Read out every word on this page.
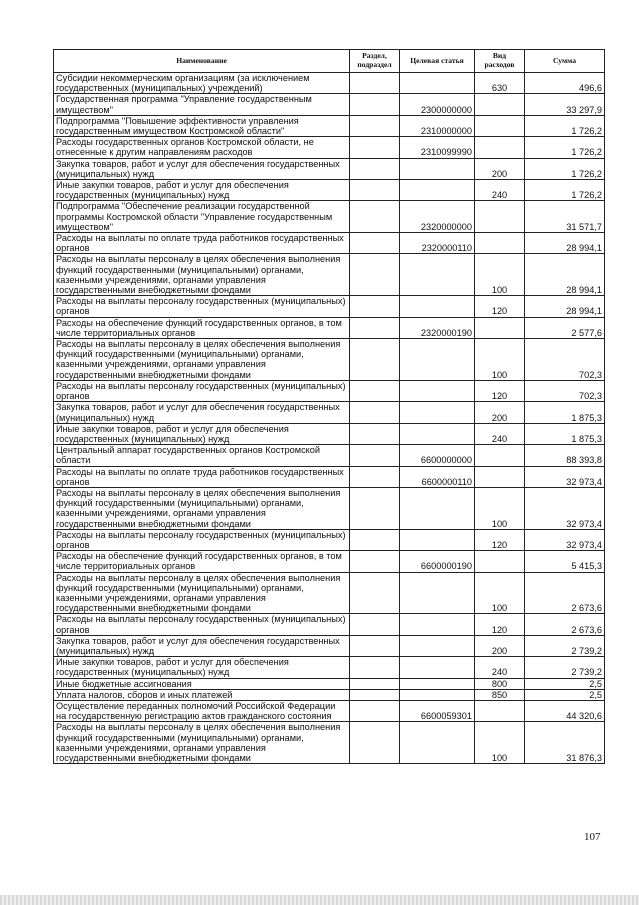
Наименование	Раздел, подраздел	Целевая статья	Вид расходов	Сумма
Субсидии некоммерческим организациям (за исключением государственных (муниципальных) учреждений)			630	496,6
Государственная программа "Управление государственным имуществом"		2300000000		33 297,9
Подпрограмма "Повышение эффективности управления государственным имуществом Костромской области"		2310000000		1 726,2
Расходы государственных органов Костромской области, не отнесенные к другим направлениям расходов		2310099990		1 726,2
Закупка товаров, работ и услуг для обеспечения государственных (муниципальных) нужд			200	1 726,2
Иные закупки товаров, работ и услуг для обеспечения государственных (муниципальных) нужд			240	1 726,2
Подпрограмма "Обеспечение реализации государственной программы Костромской области "Управление государственным имуществом"		2320000000		31 571,7
Расходы на выплаты по оплате труда работников государственных органов		2320000110		28 994,1
Расходы на выплаты персоналу в целях обеспечения выполнения функций государственными (муниципальными) органами, казенными учреждениями, органами управления государственными внебюджетными фондами			100	28 994,1
Расходы на выплаты персоналу государственных (муниципальных) органов			120	28 994,1
Расходы на обеспечение функций государственных органов, в том числе территориальных органов		2320000190		2 577,6
Расходы на выплаты персоналу в целях обеспечения выполнения функций государственными (муниципальными) органами, казенными учреждениями, органами управления государственными внебюджетными фондами			100	702,3
Расходы на выплаты персоналу государственных (муниципальных) органов			120	702,3
Закупка товаров, работ и услуг для обеспечения государственных (муниципальных) нужд			200	1 875,3
Иные закупки товаров, работ и услуг для обеспечения государственных (муниципальных) нужд			240	1 875,3
Центральный аппарат государственных органов Костромской области		6600000000		88 393,8
Расходы на выплаты по оплате труда работников государственных органов		6600000110		32 973,4
Расходы на выплаты персоналу в целях обеспечения выполнения функций государственными (муниципальными) органами, казенными учреждениями, органами управления государственными внебюджетными фондами			100	32 973,4
Расходы на выплаты персоналу государственных (муниципальных) органов			120	32 973,4
Расходы на обеспечение функций государственных органов, в том числе территориальных органов		6600000190		5 415,3
Расходы на выплаты персоналу в целях обеспечения выполнения функций государственными (муниципальными) органами, казенными учреждениями, органами управления государственными внебюджетными фондами			100	2 673,6
Расходы на выплаты персоналу государственных (муниципальных) органов			120	2 673,6
Закупка товаров, работ и услуг для обеспечения государственных (муниципальных) нужд			200	2 739,2
Иные закупки товаров, работ и услуг для обеспечения государственных (муниципальных) нужд			240	2 739,2
Иные бюджетные ассигнования			800	2,5
Уплата налогов, сборов и иных платежей			850	2,5
Осуществление переданных полномочий Российской Федерации на государственную регистрацию актов гражданского состояния		6600059301		44 320,6
Расходы на выплаты персоналу в целях обеспечения выполнения функций государственными (муниципальными) органами, казенными учреждениями, органами управления государственными внебюджетными фондами			100	31 876,3
107
